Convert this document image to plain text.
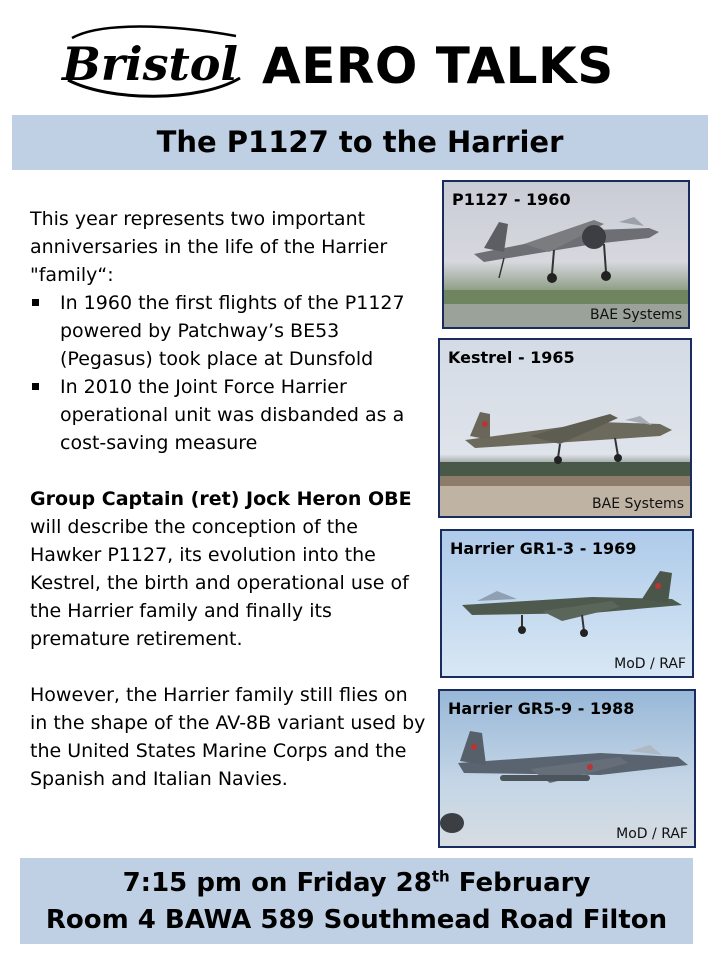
Bristol AERO TALKS
The P1127 to the Harrier

This year represents two important anniversaries in the life of the Harrier "family“:

In 1960 the first flights of the P1127 powered by Patchway’s BE53 (Pegasus) took place at Dunsfold
In 2010 the Joint Force Harrier operational unit was disbanded as a cost-saving measure

Group Captain (ret) Jock Heron OBE will describe the conception of the Hawker P1127, its evolution into the Kestrel, the birth and operational use of the Harrier family and finally its premature retirement.

However, the Harrier family still flies on in the shape of the AV-8B variant used by the United States Marine Corps and the Spanish and Italian Navies.

P1127 - 1960
BAE Systems
Kestrel - 1965
BAE Systems
Harrier GR1-3 - 1969
MoD / RAF
Harrier GR5-9 - 1988
MoD / RAF
7:15 pm on Friday 28th February
Room 4 BAWA 589 Southmead Road Filton
